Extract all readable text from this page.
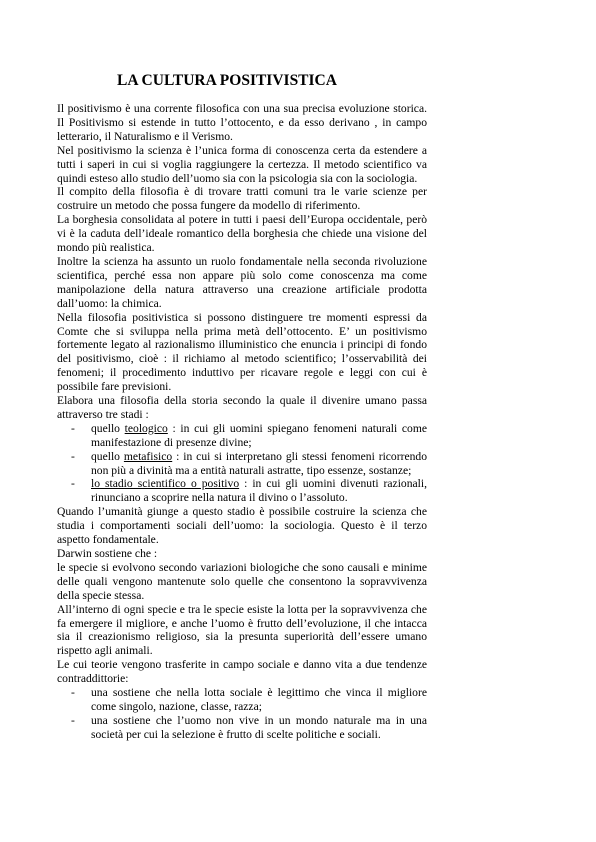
LA CULTURA POSITIVISTICA

Il positivismo è una corrente filosofica con una sua precisa evoluzione storica. Il Positivismo si estende in tutto l’ottocento, e da esso derivano , in campo letterario, il Naturalismo e il Verismo.

Nel positivismo la scienza è l’unica forma di conoscenza certa da estendere a tutti i saperi in cui si voglia raggiungere la certezza. Il metodo scientifico va quindi esteso allo studio dell’uomo sia con la psicologia sia con la sociologia.

Il compito della filosofia è di trovare tratti comuni tra le varie scienze per costruire un metodo che possa fungere da modello di riferimento.

La borghesia consolidata al potere in tutti i paesi dell’Europa occidentale, però vi è la caduta dell’ideale romantico della borghesia che chiede una visione del mondo più realistica.

Inoltre la scienza ha assunto un ruolo fondamentale nella seconda rivoluzione scientifica, perché essa non appare più solo come conoscenza ma come manipolazione della natura attraverso una creazione artificiale prodotta dall’uomo: la chimica.

Nella filosofia positivistica si possono distinguere tre momenti espressi da Comte che si sviluppa nella prima metà dell’ottocento. E’ un positivismo fortemente legato al razionalismo illuministico che enuncia i principi di fondo del positivismo, cioè : il richiamo al metodo scientifico; l’osservabilità dei fenomeni; il procedimento induttivo per ricavare regole e leggi con cui è possibile fare previsioni.

Elabora una filosofia della storia secondo la quale il divenire umano passa attraverso tre stadi :

- quello teologico : in cui gli uomini spiegano fenomeni naturali come manifestazione di presenze divine;
- quello metafisico : in cui si interpretano gli stessi fenomeni ricorrendo non più a divinità ma a entità naturali astratte, tipo essenze, sostanze;
- lo stadio scientifico o positivo : in cui gli uomini divenuti razionali, rinunciano a scoprire nella natura il divino o l’assoluto.

Quando l’umanità giunge a questo stadio è possibile costruire la scienza che studia i comportamenti sociali dell’uomo: la sociologia. Questo è il terzo aspetto fondamentale.

Darwin sostiene che :

le specie si evolvono secondo variazioni biologiche che sono causali e minime delle quali vengono mantenute solo quelle che consentono la sopravvivenza della specie stessa.

All’interno di ogni specie e tra le specie esiste la lotta per la sopravvivenza che fa emergere il migliore, e anche l’uomo è frutto dell’evoluzione, il che intacca sia il creazionismo religioso, sia la presunta superiorità dell’essere umano rispetto agli animali.

Le cui teorie vengono trasferite in campo sociale e danno vita a due tendenze contraddittorie:

- una sostiene che nella lotta sociale è legittimo che vinca il migliore come singolo, nazione, classe, razza;
- una sostiene che l’uomo non vive in un mondo naturale ma in una società per cui la selezione è frutto di scelte politiche e sociali.
